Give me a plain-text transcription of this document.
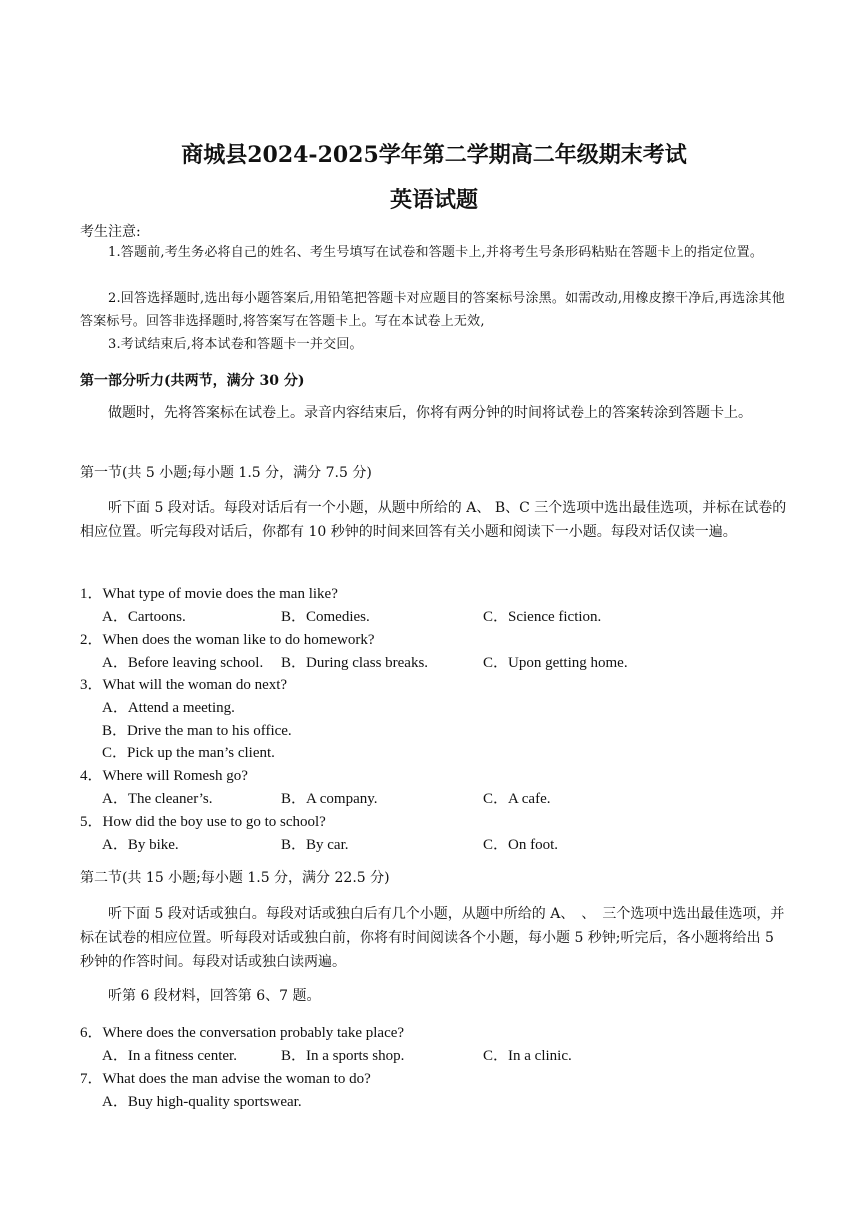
商城县2024-2025学年第二学期高二年级期末考试
英语试题
考生注意:
1.答题前,考生务必将自己的姓名、考生号填写在试卷和答题卡上,并将考生号条形码粘贴在答题卡上的指定位置。
2.回答选择题时,选出每小题答案后,用铅笔把答题卡对应题目的答案标号涂黑。如需改动,用橡皮擦干净后,再选涂其他答案标号。回答非选择题时,将答案写在答题卡上。写在本试卷上无效,
3.考试结束后,将本试卷和答题卡一并交回。
第一部分听力(共两节，满分 30 分)
做题时，先将答案标在试卷上。录音内容结束后，你将有两分钟的时间将试卷上的答案转涂到答题卡上。
第一节(共 5 小题;每小题 1.5 分，满分 7.5 分)
听下面 5 段对话。每段对话后有一个小题，从题中所给的 A、 B、C 三个选项中选出最佳选项，并标在试卷的相应位置。听完每段对话后，你都有 10 秒钟的时间来回答有关小题和阅读下一小题。每段对话仅读一遍。
1．What type of movie does the man like?
A．Cartoons.	B．Comedies.	C．Science fiction.
2．When does the woman like to do homework?
A．Before leaving school. B．During class breaks.	C．Upon getting home.
3．What will the woman do next?
A．Attend a meeting.
B．Drive the man to his office.
C．Pick up the man’s client.
4．Where will Romesh go?
A．The cleaner’s.	B．A company.	C．A cafe.
5．How did the boy use to go to school?
A．By bike.	B．By car.	C．On foot.
第二节(共 15 小题;每小题 1.5 分，满分 22.5 分)
听下面 5 段对话或独白。每段对话或独白后有几个小题，从题中所给的 A、　、　三个选项中选出最佳选项，并标在试卷的相应位置。听每段对话或独白前，你将有时间阅读各个小题，每小题 5 秒钟;听完后，各小题将给出 5 秒钟的作答时间。每段对话或独白读两遍。
听第 6 段材料，回答第 6、7 题。
6．Where does the conversation probably take place?
A．In a fitness center.	B．In a sports shop.	C．In a clinic.
7．What does the man advise the woman to do?
A．Buy high-quality sportswear.
